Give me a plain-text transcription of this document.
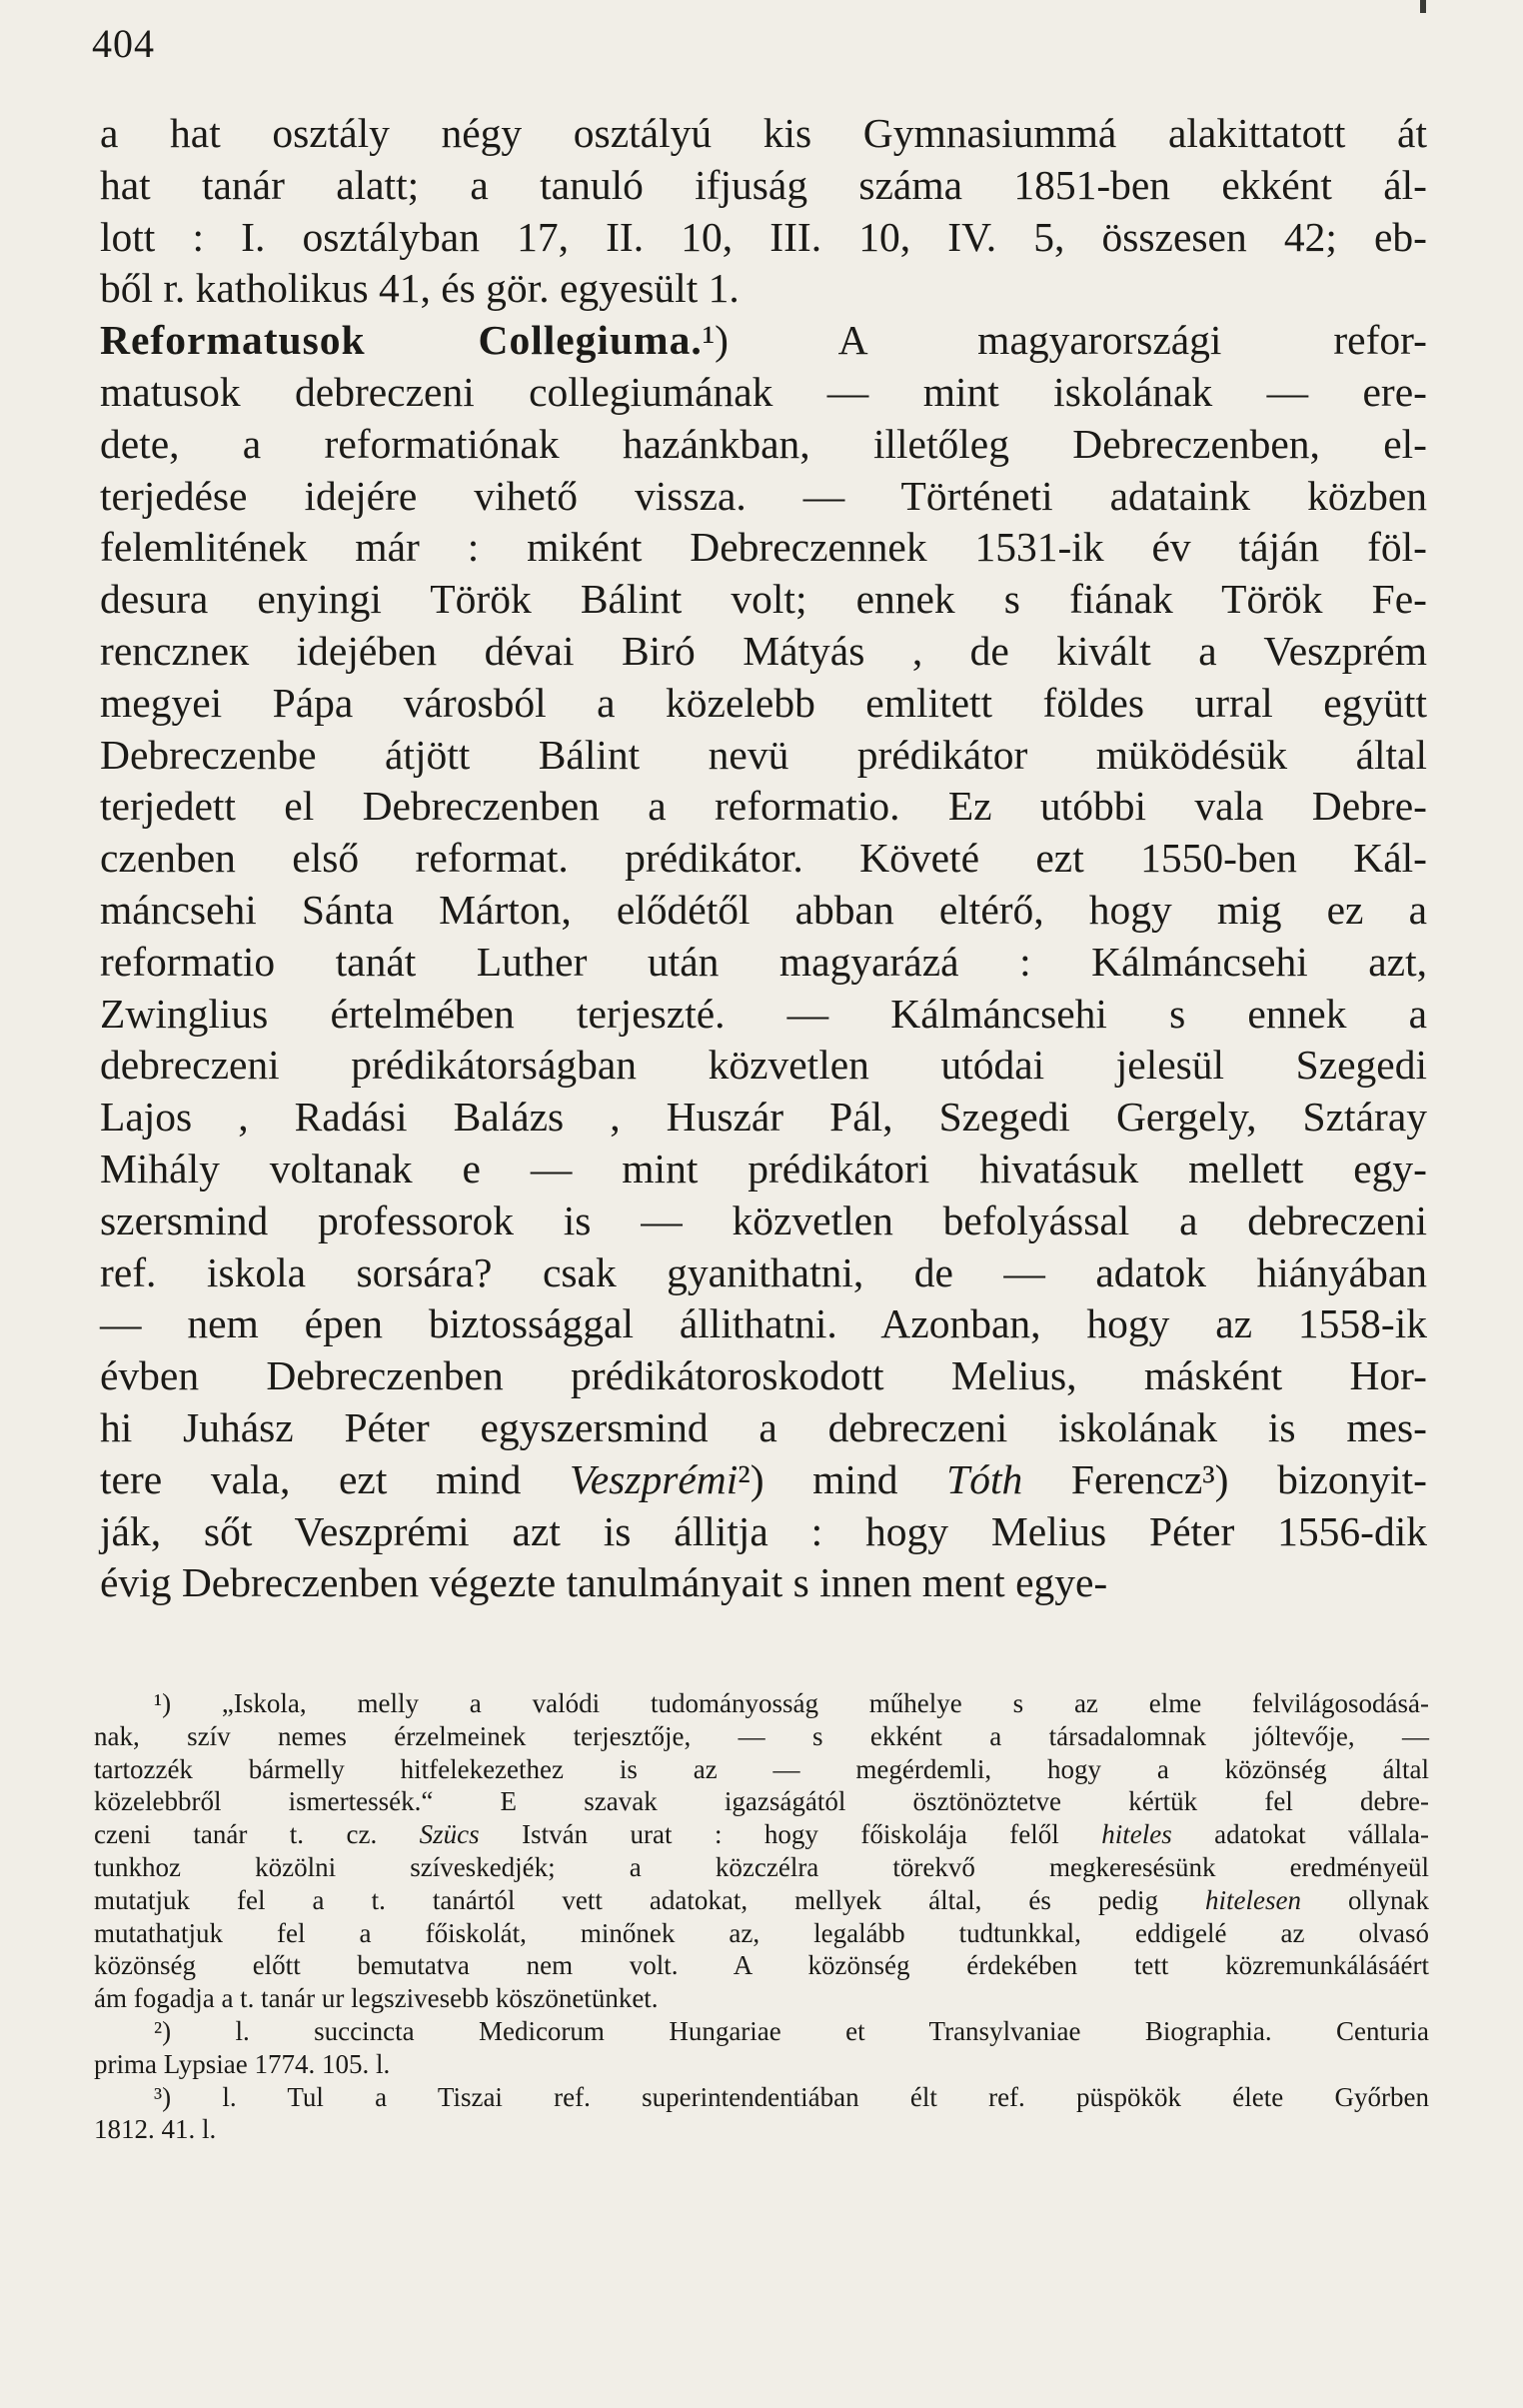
404
a hat osztály négy osztályú kis Gymnasiummá alakittatott át
hat tanár alatt; a tanuló ifjuság száma 1851-ben ekként ál-
lott : I. osztályban 17, II. 10, III. 10, IV. 5, összesen 42; eb-
ből r. katholikus 41, és gör. egyesült 1.
Reformatusok Collegiuma.¹) A magyarországi refor-
matusok debreczeni collegiumának — mint iskolának — ere-
dete, a reformatiónak hazánkban, illetőleg Debreczenben, el-
terjedése idejére vihető vissza. — Történeti adataink közben
felemlitének már : miként Debreczennek 1531-ik év táján föl-
desura enyingi Török Bálint volt; ennek s fiának Török Fe-
renczneк idejében dévai Biró Mátyás , de kivált a Veszprém
megyei Pápa városból a közelebb emlitett földes urral együtt
Debreczenbe átjött Bálint nevü prédikátor müködésük által
terjedett el Debreczenben a reformatio. Ez utóbbi vala Debre-
czenben első reformat. prédikátor. Követé ezt 1550-ben Kál-
máncsehi Sánta Márton, elődétől abban eltérő, hogy mig ez a
reformatio tanát Luther után magyarázá : Kálmáncsehi azt,
Zwinglius értelmében terjeszté. — Kálmáncsehi s ennek a
debreczeni prédikátorságban közvetlen utódai jelesül Szegedi
Lajos , Radási Balázs , Huszár Pál, Szegedi Gergely, Sztáray
Mihály voltanak e — mint prédikátori hivatásuk mellett egy-
szersmind professorok is — közvetlen befolyással a debreczeni
ref. iskola sorsára? csak gyanithatni, de — adatok hiányában
— nem épen biztossággal állithatni. Azonban, hogy az 1558-ik
évben Debreczenben prédikátoroskodott Melius, másként Hor-
hi Juhász Péter egyszersmind a debreczeni iskolának is mes-
tere vala, ezt mind Veszprémi²) mind Tóth Ferencz³) bizonyit-
ják, sőt Veszprémi azt is állitja : hogy Melius Péter 1556-dik
évig Debreczenben végezte tanulmányait s innen ment egye-
¹) „Iskola, melly a valódi tudományosság műhelye s az elme felvilágosodásá-
nak, szív nemes érzelmeinek terjesztője, — s ekként a társadalomnak jóltevője, —
tartozzék bármelly hitfelekezethez is az — megérdemli, hogy a közönség által
közelebbről ismertessék.“ E szavak igazságától ösztönöztetve kértük fel debre-
czeni tanár t. cz. Szücs István urat : hogy főiskolája felől hiteles adatokat vállala-
tunkhoz közölni szíveskedjék; a közczélra törekvő megkeresésünk eredményeül
mutatjuk fel a t. tanártól vett adatokat, mellyek által, és pedig hitelesen ollynak
mutathatjuk fel a főiskolát, minőnek az, legalább tudtunkkal, eddigelé az olvasó
közönség előtt bemutatva nem volt. A közönség érdekében tett közremunkálásáért
ám fogadja a t. tanár ur legszivesebb köszönetünket.
²) l. succincta Medicorum Hungariae et Transylvaniae Biographia. Centuria
prima Lypsiae 1774. 105. l.
³) l. Tul a Tiszai ref. superintendentiában élt ref. püspökök élete Győrben
1812. 41. l.
